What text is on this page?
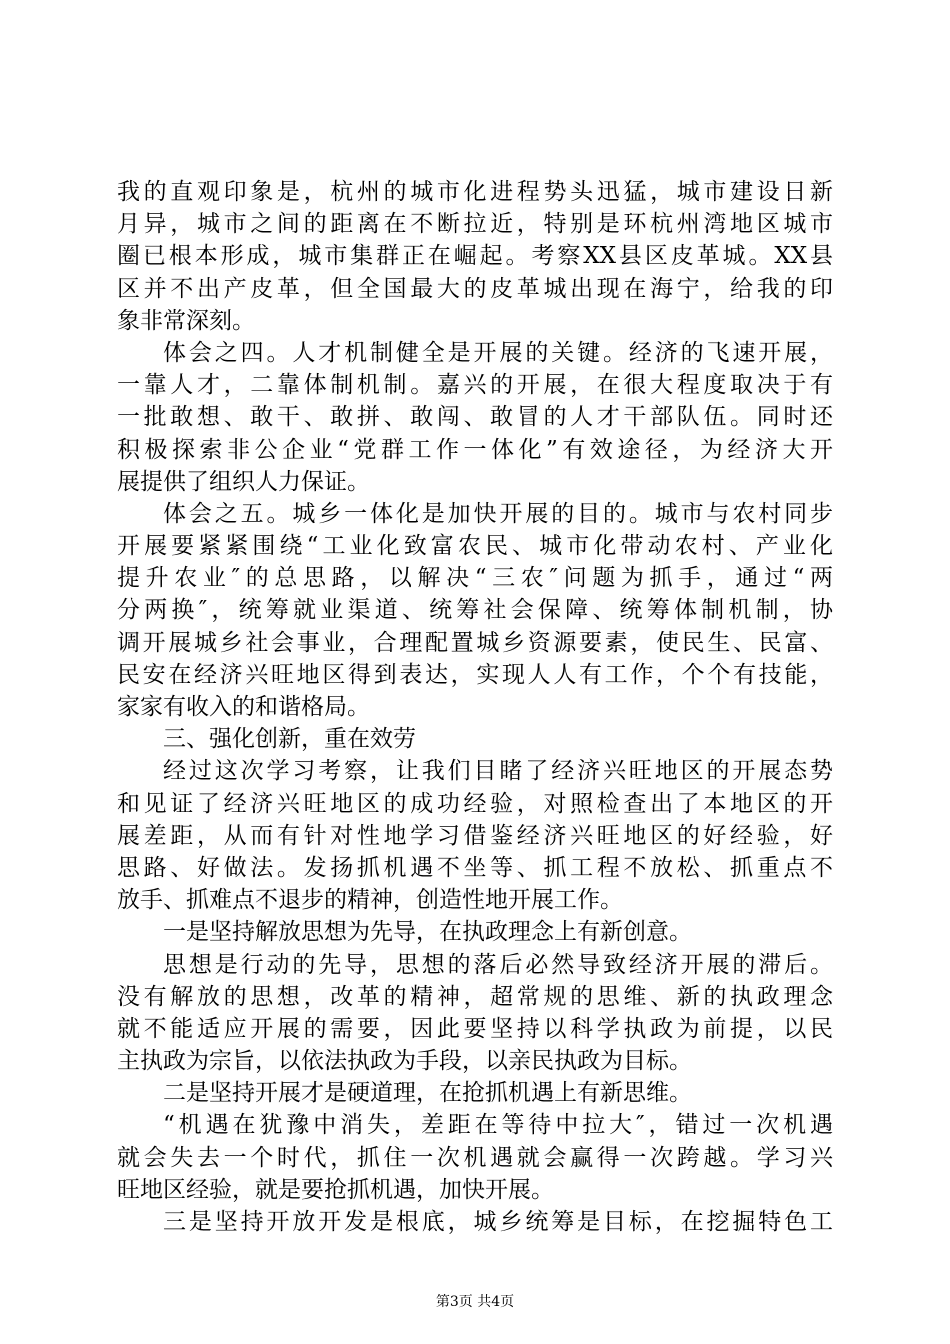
我的直观印象是，杭州的城市化进程势头迅猛，城市建设日新
月异，城市之间的距离在不断拉近，特别是环杭州湾地区城市
圈已根本形成，城市集群正在崛起。考察XX县区皮革城。XX县
区并不出产皮革，但全国最大的皮革城出现在海宁，给我的印
象非常深刻。
体会之四。人才机制健全是开展的关键。经济的飞速开展，
一靠人才，二靠体制机制。嘉兴的开展，在很大程度取决于有
一批敢想、敢干、敢拼、敢闯、敢冒的人才干部队伍。同时还
积极探索非公企业“党群工作一体化”有效途径，为经济大开
展提供了组织人力保证。
体会之五。城乡一体化是加快开展的目的。城市与农村同步
开展要紧紧围绕“工业化致富农民、城市化带动农村、产业化
提升农业″的总思路，以解决“三农″问题为抓手，通过“两
分两换″，统筹就业渠道、统筹社会保障、统筹体制机制，协
调开展城乡社会事业，合理配置城乡资源要素，使民生、民富、
民安在经济兴旺地区得到表达，实现人人有工作，个个有技能，
家家有收入的和谐格局。
三、强化创新，重在效劳
经过这次学习考察，让我们目睹了经济兴旺地区的开展态势
和见证了经济兴旺地区的成功经验，对照检查出了本地区的开
展差距，从而有针对性地学习借鉴经济兴旺地区的好经验，好
思路、好做法。发扬抓机遇不坐等、抓工程不放松、抓重点不
放手、抓难点不退步的精神，创造性地开展工作。
一是坚持解放思想为先导，在执政理念上有新创意。
思想是行动的先导，思想的落后必然导致经济开展的滞后。
没有解放的思想，改革的精神，超常规的思维、新的执政理念
就不能适应开展的需要，因此要坚持以科学执政为前提，以民
主执政为宗旨，以依法执政为手段，以亲民执政为目标。
二是坚持开展才是硬道理，在抢抓机遇上有新思维。
“机遇在犹豫中消失，差距在等待中拉大″，错过一次机遇
就会失去一个时代，抓住一次机遇就会赢得一次跨越。学习兴
旺地区经验，就是要抢抓机遇，加快开展。
三是坚持开放开发是根底，城乡统筹是目标，在挖掘特色工
第3页 共4页
